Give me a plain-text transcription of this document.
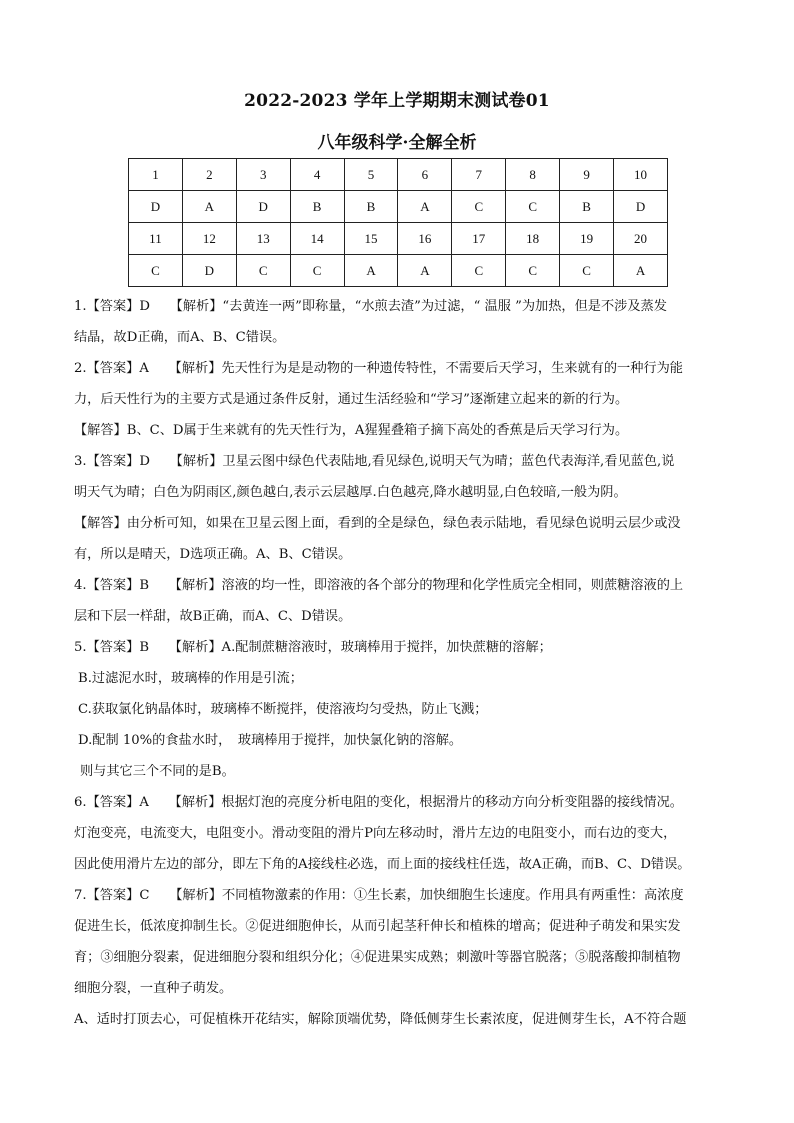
2022-2023 学年上学期期末测试卷01
八年级科学·全解全析
1	2	3	4	5	6	7	8	9	10
D	A	D	B	B	A	C	C	B	D
11	12	13	14	15	16	17	18	19	20
C	D	C	C	A	A	C	C	C	A

1.【答案】D　　【解析】“去黄连一两”即称量，“水煎去渣”为过滤，“ 温服 ”为加热，但是不涉及蒸发

结晶，故D正确，而A、B、C错误。

2.【答案】A　　【解析】先天性行为是是动物的一种遗传特性，不需要后天学习，生来就有的一种行为能

力，后天性行为的主要方式是通过条件反射，通过生活经验和“学习”逐渐建立起来的新的行为。

【解答】B、C、D属于生来就有的先天性行为，A猩猩叠箱子摘下高处的香蕉是后天学习行为。

3.【答案】D　　【解析】卫星云图中绿色代表陆地,看见绿色,说明天气为晴；蓝色代表海洋,看见蓝色,说

明天气为晴；白色为阴雨区,颜色越白,表示云层越厚.白色越亮,降水越明显,白色较暗,一般为阴。

【解答】由分析可知，如果在卫星云图上面，看到的全是绿色，绿色表示陆地，看见绿色说明云层少或没

有，所以是晴天，D选项正确。A、B、C错误。

4.【答案】B　　【解析】溶液的均一性，即溶液的各个部分的物理和化学性质完全相同，则蔗糖溶液的上

层和下层一样甜，故B正确，而A、C、D错误。

5.【答案】B　　【解析】A.配制蔗糖溶液时，玻璃棒用于搅拌，加快蔗糖的溶解；

B.过滤泥水时，玻璃棒的作用是引流；

C.获取氯化钠晶体时，玻璃棒不断搅拌，使溶液均匀受热，防止飞溅；

D.配制 10%的食盐水时，　玻璃棒用于搅拌，加快氯化钠的溶解。

则与其它三个不同的是B。

6.【答案】A　　【解析】根据灯泡的亮度分析电阻的变化，根据滑片的移动方向分析变阻器的接线情况。

灯泡变亮，电流变大，电阻变小。滑动变阻的滑片P向左移动时，滑片左边的电阻变小，而右边的变大，

因此使用滑片左边的部分，即左下角的A接线柱必选，而上面的接线柱任选，故A正确，而B、C、D错误。

7.【答案】C　　【解析】不同植物激素的作用：①生长素，加快细胞生长速度。作用具有两重性：高浓度

促进生长，低浓度抑制生长。②促进细胞伸长，从而引起茎秆伸长和植株的增高；促进种子萌发和果实发

育；③细胞分裂素，促进细胞分裂和组织分化；④促进果实成熟；刺激叶等器官脱落；⑤脱落酸抑制植物

细胞分裂，一直种子萌发。

A、适时打顶去心，可促植株开花结实，解除顶端优势，降低侧芽生长素浓度，促进侧芽生长，A不符合题
